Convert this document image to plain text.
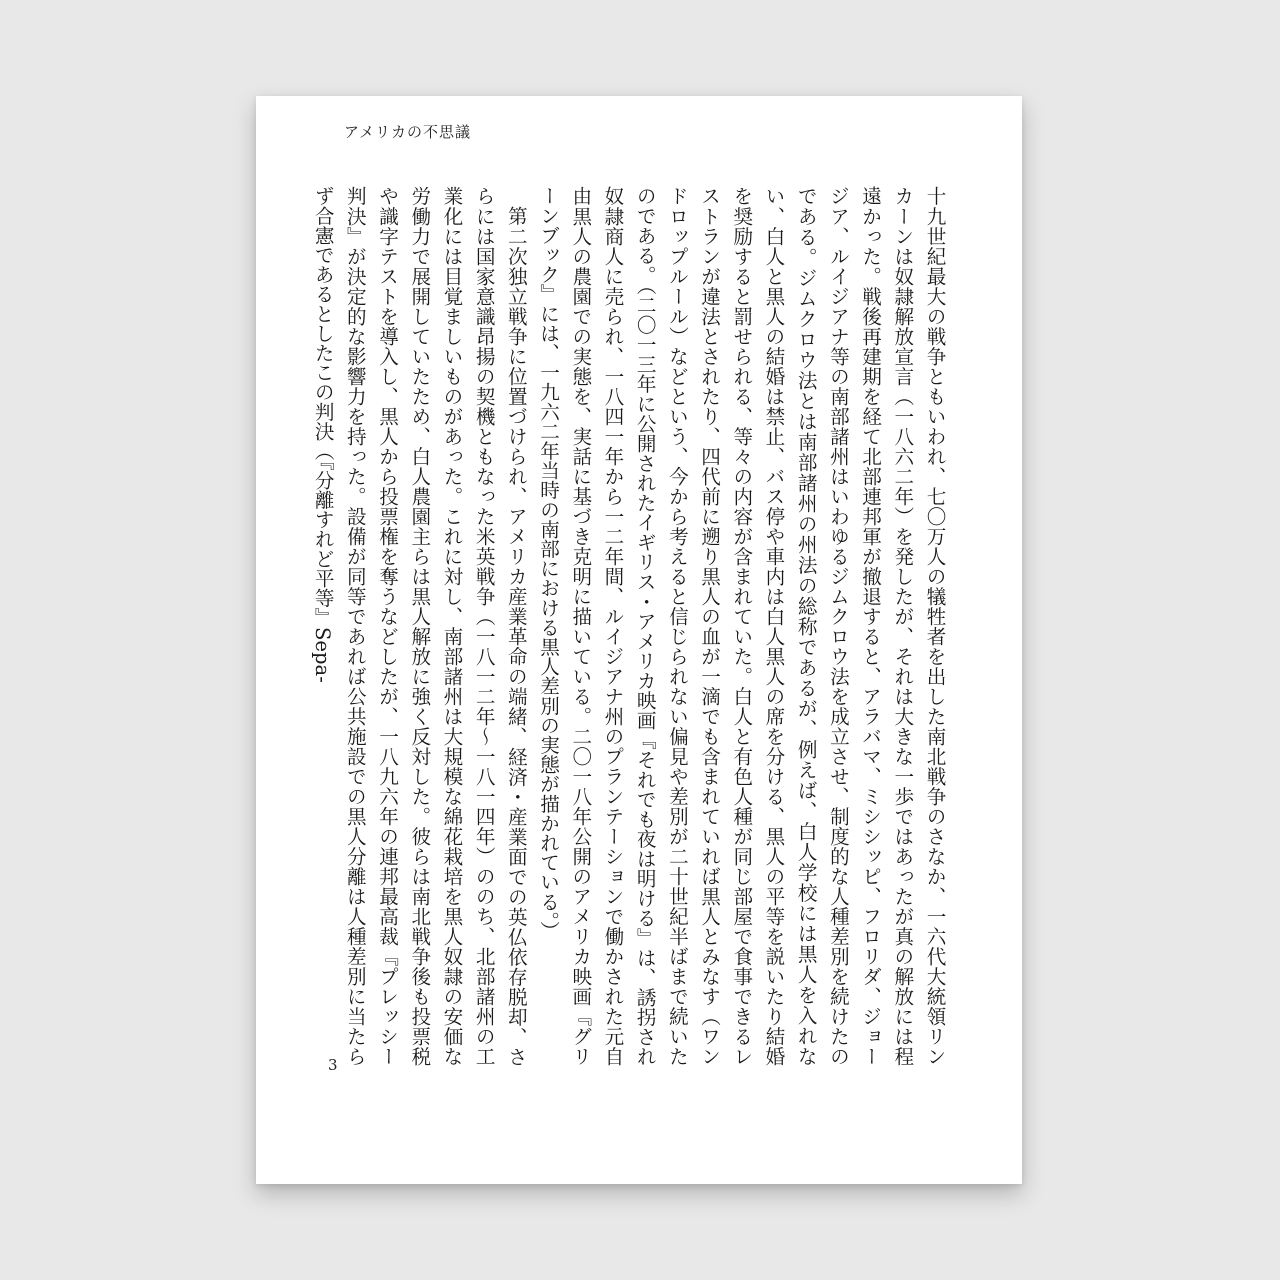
アメリカの不思議

十九世紀最大の戦争ともいわれ、七〇万人の犠牲者を出した南北戦争のさなか、一六代大統領リンカーンは奴隷解放宣言（一八六二年）を発したが、それは大きな一歩ではあったが真の解放には程遠かった。戦後再建期を経て北部連邦軍が撤退すると、アラバマ、ミシシッピ、フロリダ、ジョージア、ルイジアナ等の南部諸州はいわゆるジムクロウ法を成立させ、制度的な人種差別を続けたのである。ジムクロウ法とは南部諸州の州法の総称であるが、例えば、白人学校には黒人を入れない、白人と黒人の結婚は禁止、バス停や車内は白人黒人の席を分ける、黒人の平等を説いたり結婚を奨励すると罰せられる、等々の内容が含まれていた。白人と有色人種が同じ部屋で食事できるレストランが違法とされたり、四代前に遡り黒人の血が一滴でも含まれていれば黒人とみなす（ワンドロップルール）などという、今から考えると信じられない偏見や差別が二十世紀半ばまで続いたのである。（二〇一三年に公開されたイギリス・アメリカ映画『それでも夜は明ける』は、誘拐され奴隷商人に売られ、一八四一年から一二年間、ルイジアナ州のプランテーションで働かされた元自由黒人の農園での実態を、実話に基づき克明に描いている。二〇一八年公開のアメリカ映画『グリーンブック』には、一九六二年当時の南部における黒人差別の実態が描かれている。）

第二次独立戦争に位置づけられ、アメリカ産業革命の端緒、経済・産業面での英仏依存脱却、さらには国家意識昂揚の契機ともなった米英戦争（一八一二年〜一八一四年）ののち、北部諸州の工業化には目覚ましいものがあった。これに対し、南部諸州は大規模な綿花栽培を黒人奴隷の安価な労働力で展開していたため、白人農園主らは黒人解放に強く反対した。彼らは南北戦争後も投票税や識字テストを導入し、黒人から投票権を奪うなどしたが、一八九六年の連邦最高裁『プレッシー判決』が決定的な影響力を持った。設備が同等であれば公共施設での黒人分離は人種差別に当たらず合憲であるとしたこの判決（『分離すれど平等』Sepa-

3
